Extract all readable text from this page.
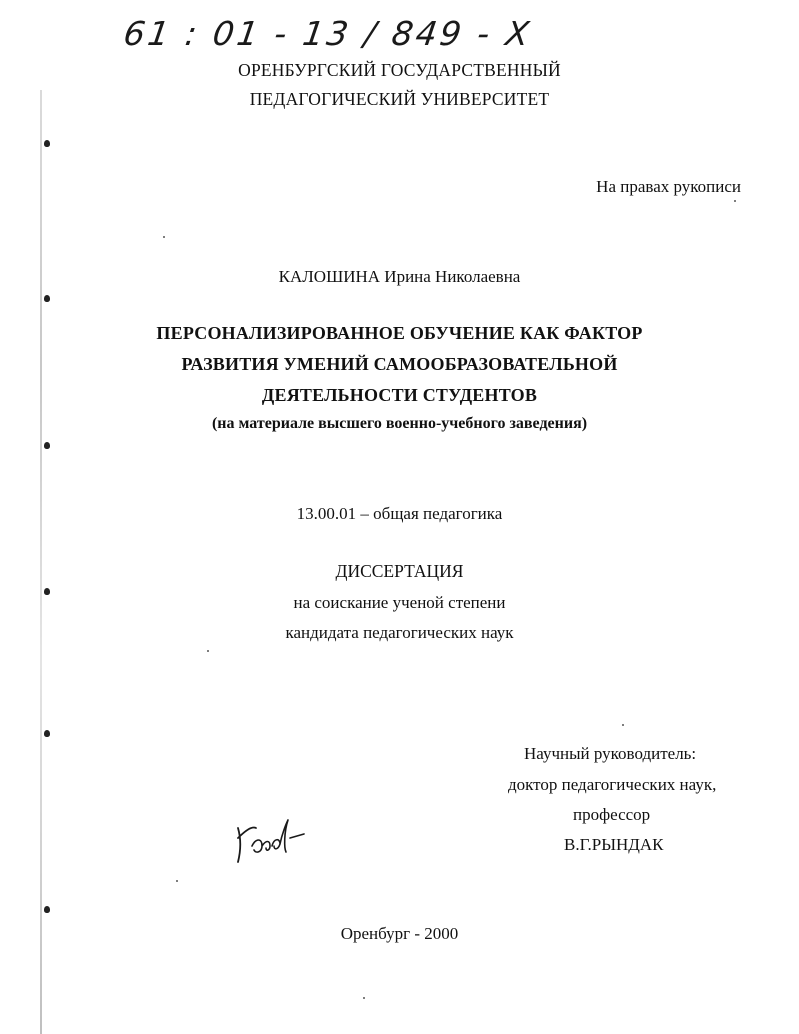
61 : 01 - 13 / 849 - X
ОРЕНБУРГСКИЙ ГОСУДАРСТВЕННЫЙ
ПЕДАГОГИЧЕСКИЙ УНИВЕРСИТЕТ
На правах рукописи
КАЛОШИНА Ирина Николаевна
ПЕРСОНАЛИЗИРОВАННОЕ ОБУЧЕНИЕ КАК ФАКТОР
РАЗВИТИЯ УМЕНИЙ САМООБРАЗОВАТЕЛЬНОЙ
ДЕЯТЕЛЬНОСТИ СТУДЕНТОВ
(на материале высшего военно-учебного заведения)
13.00.01 – общая педагогика
ДИССЕРТАЦИЯ
на соискание ученой степени
кандидата педагогических наук
Научный руководитель:
доктор педагогических наук,
профессор
В.Г.РЫНДАК
Оренбург - 2000
